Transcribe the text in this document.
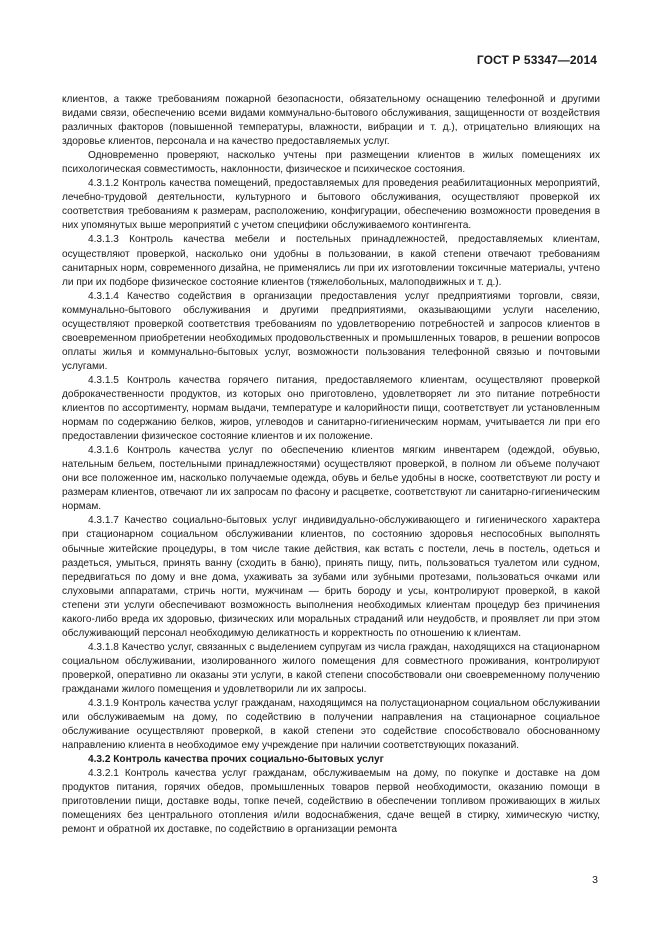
ГОСТ Р 53347—2014

клиентов, а также требованиям пожарной безопасности, обязательному оснащению телефонной и другими видами связи, обеспечению всеми видами коммунально-бытового обслуживания, защищенности от воздействия различных факторов (повышенной температуры, влажности, вибрации и т. д.), отрицательно влияющих на здоровье клиентов, персонала и на качество предоставляемых услуг.

Одновременно проверяют, насколько учтены при размещении клиентов в жилых помещениях их психологическая совместимость, наклонности, физическое и психическое состояния.

4.3.1.2 Контроль качества помещений, предоставляемых для проведения реабилитационных мероприятий, лечебно-трудовой деятельности, культурного и бытового обслуживания, осуществляют проверкой их соответствия требованиям к размерам, расположению, конфигурации, обеспечению возможности проведения в них упомянутых выше мероприятий с учетом специфики обслуживаемого контингента.

4.3.1.3 Контроль качества мебели и постельных принадлежностей, предоставляемых клиентам, осуществляют проверкой, насколько они удобны в пользовании, в какой степени отвечают требованиям санитарных норм, современного дизайна, не применялись ли при их изготовлении токсичные материалы, учтено ли при их подборе физическое состояние клиентов (тяжелобольных, малоподвижных и т. д.).

4.3.1.4 Качество содействия в организации предоставления услуг предприятиями торговли, связи, коммунально-бытового обслуживания и другими предприятиями, оказывающими услуги населению, осуществляют проверкой соответствия требованиям по удовлетворению потребностей и запросов клиентов в своевременном приобретении необходимых продовольственных и промышленных товаров, в решении вопросов оплаты жилья и коммунально-бытовых услуг, возможности пользования телефонной связью и почтовыми услугами.

4.3.1.5 Контроль качества горячего питания, предоставляемого клиентам, осуществляют проверкой доброкачественности продуктов, из которых оно приготовлено, удовлетворяет ли это питание потребности клиентов по ассортименту, нормам выдачи, температуре и калорийности пищи, соответствует ли установленным нормам по содержанию белков, жиров, углеводов и санитарно-гигиеническим нормам, учитывается ли при его предоставлении физическое состояние клиентов и их положение.

4.3.1.6 Контроль качества услуг по обеспечению клиентов мягким инвентарем (одеждой, обувью, нательным бельем, постельными принадлежностями) осуществляют проверкой, в полном ли объеме получают они все положенное им, насколько получаемые одежда, обувь и белье удобны в носке, соответствуют ли росту и размерам клиентов, отвечают ли их запросам по фасону и расцветке, соответствуют ли санитарно-гигиеническим нормам.

4.3.1.7 Качество социально-бытовых услуг индивидуально-обслуживающего и гигиенического характера при стационарном социальном обслуживании клиентов, по состоянию здоровья неспособных выполнять обычные житейские процедуры, в том числе такие действия, как встать с постели, лечь в постель, одеться и раздеться, умыться, принять ванну (сходить в баню), принять пищу, пить, пользоваться туалетом или судном, передвигаться по дому и вне дома, ухаживать за зубами или зубными протезами, пользоваться очками или слуховыми аппаратами, стричь ногти, мужчинам — брить бороду и усы, контролируют проверкой, в какой степени эти услуги обеспечивают возможность выполнения необходимых клиентам процедур без причинения какого-либо вреда их здоровью, физических или моральных страданий или неудобств, и проявляет ли при этом обслуживающий персонал необходимую деликатность и корректность по отношению к клиентам.

4.3.1.8 Качество услуг, связанных с выделением супругам из числа граждан, находящихся на стационарном социальном обслуживании, изолированного жилого помещения для совместного проживания, контролируют проверкой, оперативно ли оказаны эти услуги, в какой степени способствовали они своевременному получению гражданами жилого помещения и удовлетворили ли их запросы.

4.3.1.9 Контроль качества услуг гражданам, находящимся на полустационарном социальном обслуживании или обслуживаемым на дому, по содействию в получении направления на стационарное социальное обслуживание осуществляют проверкой, в какой степени это содействие способствовало обоснованному направлению клиента в необходимое ему учреждение при наличии соответствующих показаний.

4.3.2 Контроль качества прочих социально-бытовых услуг

4.3.2.1 Контроль качества услуг гражданам, обслуживаемым на дому, по покупке и доставке на дом продуктов питания, горячих обедов, промышленных товаров первой необходимости, оказанию помощи в приготовлении пищи, доставке воды, топке печей, содействию в обеспечении топливом проживающих в жилых помещениях без центрального отопления и/или водоснабжения, сдаче вещей в стирку, химическую чистку, ремонт и обратной их доставке, по содействию в организации ремонта

3
